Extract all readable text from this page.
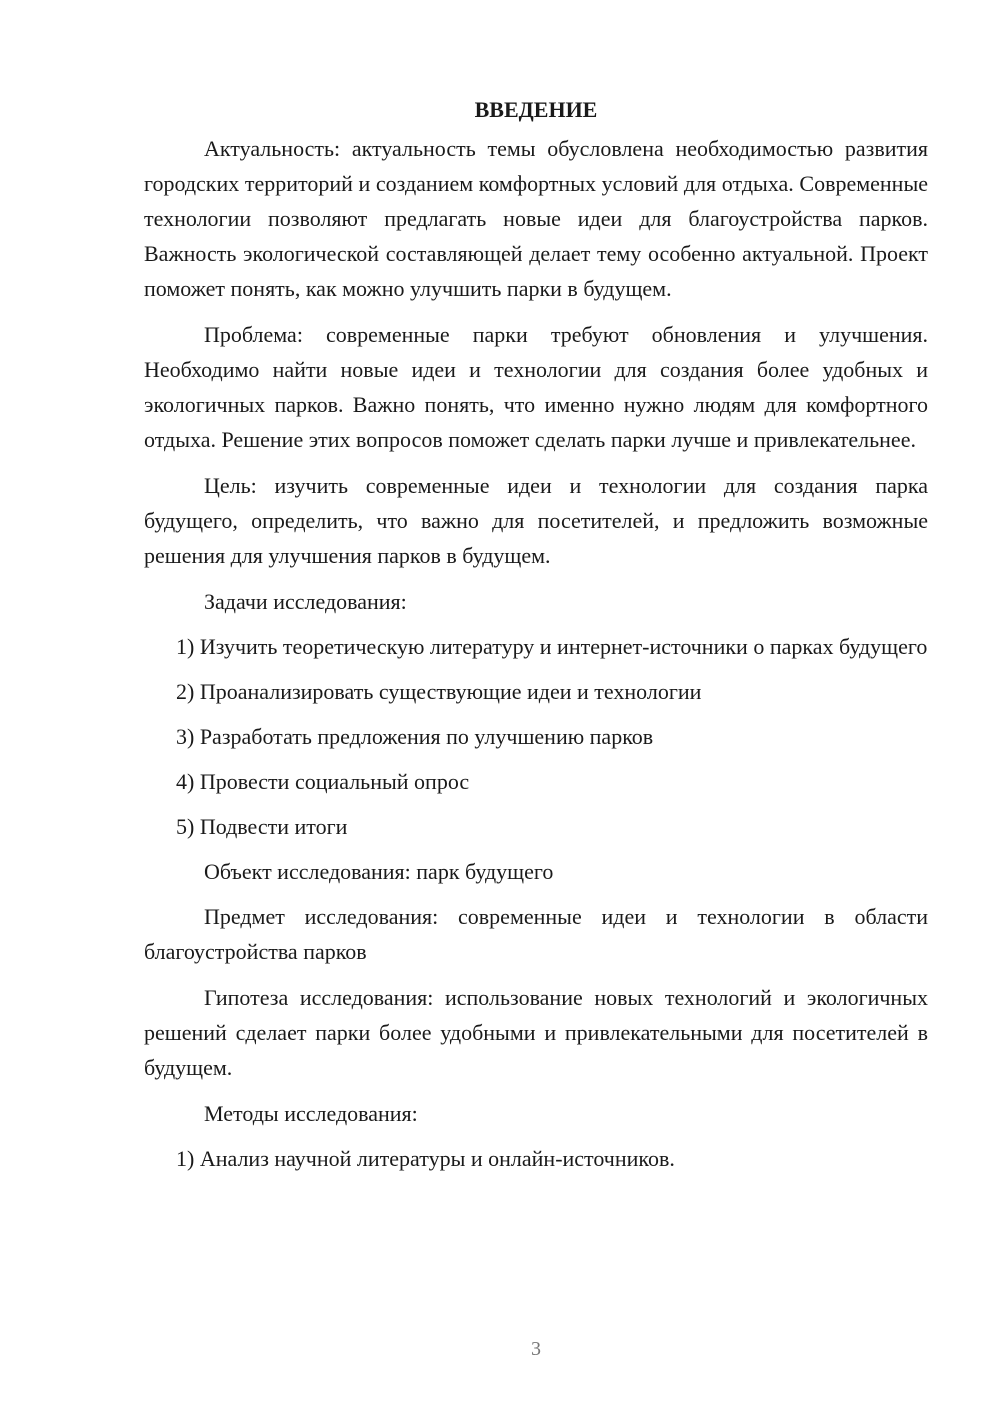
ВВЕДЕНИЕ

Актуальность: актуальность темы обусловлена необходимостью развития городских территорий и созданием комфортных условий для отдыха. Современные технологии позволяют предлагать новые идеи для благоустройства парков. Важность экологической составляющей делает тему особенно актуальной. Проект поможет понять, как можно улучшить парки в будущем.

Проблема: современные парки требуют обновления и улучшения. Необходимо найти новые идеи и технологии для создания более удобных и экологичных парков. Важно понять, что именно нужно людям для комфортного отдыха. Решение этих вопросов поможет сделать парки лучше и привлекательнее.

Цель: изучить современные идеи и технологии для создания парка будущего, определить, что важно для посетителей, и предложить возможные решения для улучшения парков в будущем.

Задачи исследования:

1) Изучить теоретическую литературу и интернет-источники о парках будущего

2) Проанализировать существующие идеи и технологии

3) Разработать предложения по улучшению парков

4) Провести социальный опрос

5) Подвести итоги

Объект исследования: парк будущего

Предмет исследования: современные идеи и технологии в области благоустройства парков

Гипотеза исследования: использование новых технологий и экологичных решений сделает парки более удобными и привлекательными для посетителей в будущем.

Методы исследования:

1) Анализ научной литературы и онлайн-источников.

3
